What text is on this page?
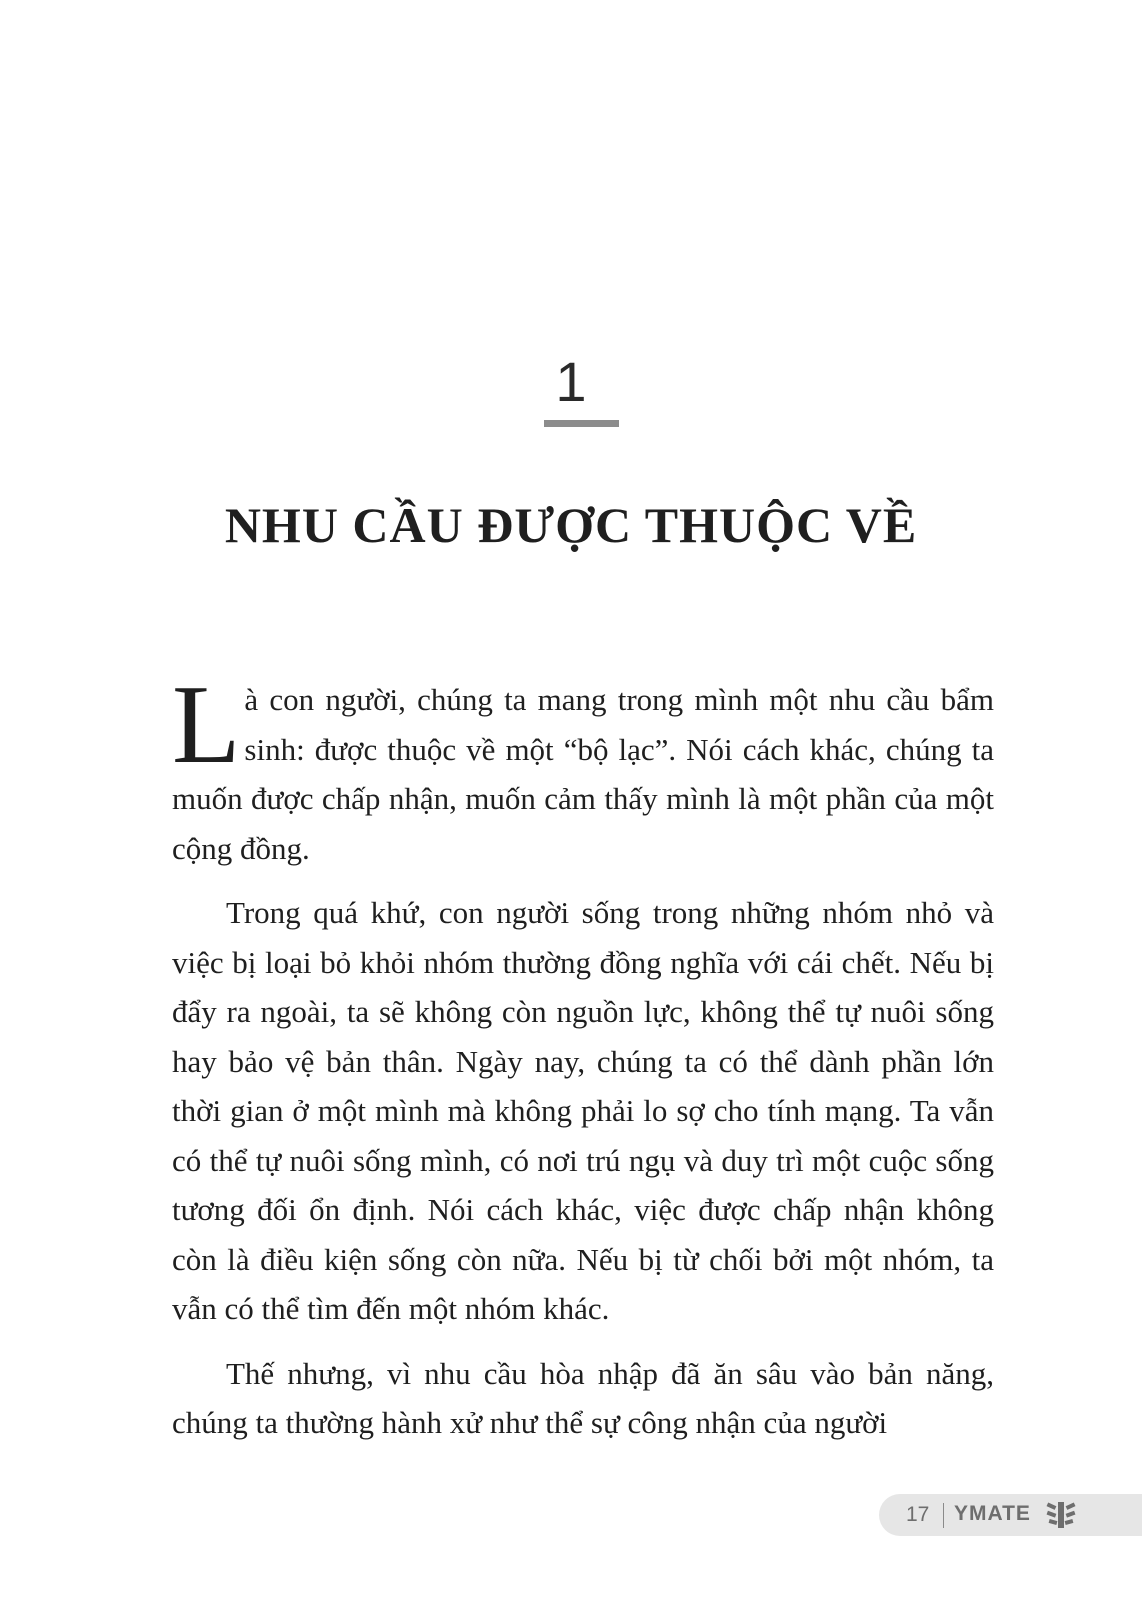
1
NHU CẦU ĐƯỢC THUỘC VỀ

Là con người, chúng ta mang trong mình một nhu cầu bẩm sinh: được thuộc về một “bộ lạc”. Nói cách khác, chúng ta muốn được chấp nhận, muốn cảm thấy mình là một phần của một cộng đồng.

Trong quá khứ, con người sống trong những nhóm nhỏ và việc bị loại bỏ khỏi nhóm thường đồng nghĩa với cái chết. Nếu bị đẩy ra ngoài, ta sẽ không còn nguồn lực, không thể tự nuôi sống hay bảo vệ bản thân. Ngày nay, chúng ta có thể dành phần lớn thời gian ở một mình mà không phải lo sợ cho tính mạng. Ta vẫn có thể tự nuôi sống mình, có nơi trú ngụ và duy trì một cuộc sống tương đối ổn định. Nói cách khác, việc được chấp nhận không còn là điều kiện sống còn nữa. Nếu bị từ chối bởi một nhóm, ta vẫn có thể tìm đến một nhóm khác.

Thế nhưng, vì nhu cầu hòa nhập đã ăn sâu vào bản năng, chúng ta thường hành xử như thể sự công nhận của người

17 YMATE
